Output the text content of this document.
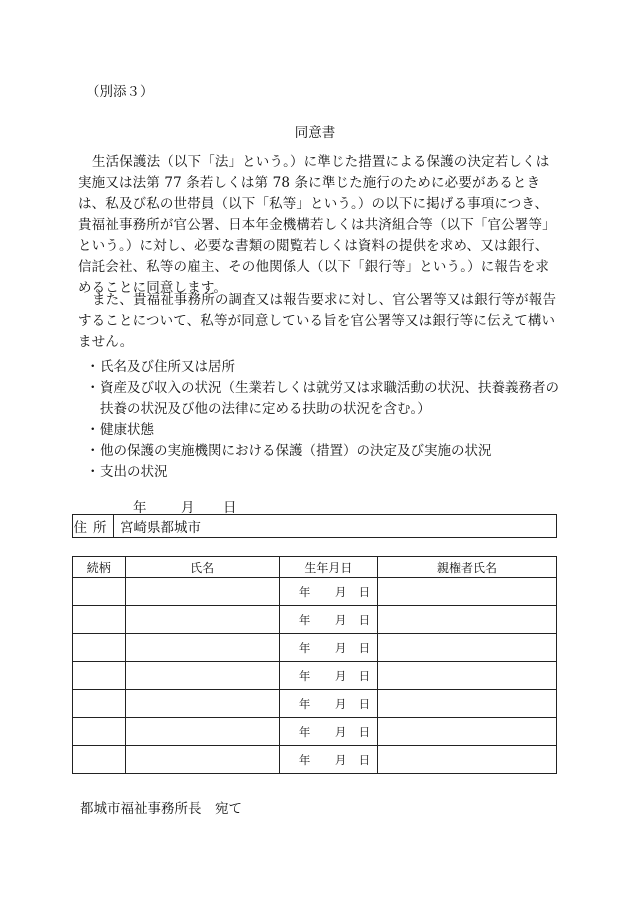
（別添３）
同意書

生活保護法（以下「法」という。）に準じた措置による保護の決定若しくは実施又は法第 77 条若しくは第 78 条に準じた施行のために必要があるときは、私及び私の世帯員（以下「私等」という。）の以下に掲げる事項につき、貴福祉事務所が官公署、日本年金機構若しくは共済組合等（以下「官公署等」という。）に対し、必要な書類の閲覧若しくは資料の提供を求め、又は銀行、信託会社、私等の雇主、その他関係人（以下「銀行等」という。）に報告を求めることに同意します。

また、貴福祉事務所の調査又は報告要求に対し、官公署等又は銀行等が報告することについて、私等が同意している旨を官公署等又は銀行等に伝えて構いません。

・ 氏名及び住所又は居所
・ 資産及び収入の状況（生業若しくは就労又は求職活動の状況、扶養義務者の扶養の状況及び他の法律に定める扶助の状況を含む。）
・ 健康状態
・ 他の保護の実施機関における保護（措置）の決定及び実施の状況
・ 支出の状況
年	月 日
住所	宮崎県都城市
続柄	氏名	生年月日	親権者氏名
		年 月 日	
		年 月 日	
		年 月 日	
		年 月 日	
		年 月 日	
		年 月 日	
		年 月 日	
都城市福祉事務所長　宛て
